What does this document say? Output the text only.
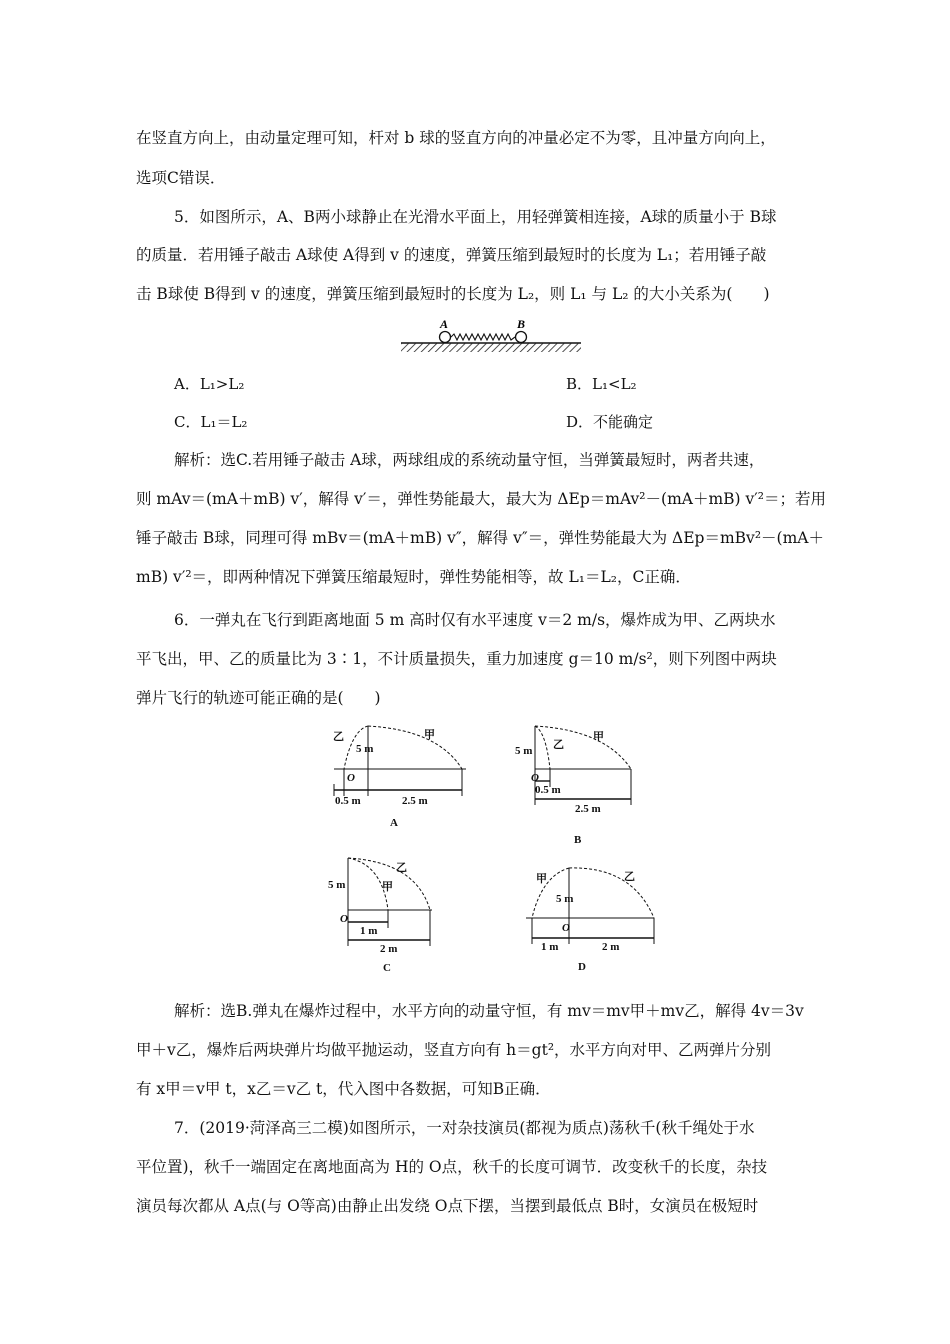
在竖直方向上，由动量定理可知，杆对 b 球的竖直方向的冲量必定不为零，且冲量方向向上，
选项C错误．
5．如图所示，A、B两小球静止在光滑水平面上，用轻弹簧相连接，A球的质量小于 B球
的质量．若用锤子敲击 A球使 A得到 v 的速度，弹簧压缩到最短时的长度为 L₁；若用锤子敲
击 B球使 B得到 v 的速度，弹簧压缩到最短时的长度为 L₂，则 L₁ 与 L₂ 的大小关系为(　　)
A	B
A．L₁>L₂	B．L₁<L₂
C．L₁＝L₂	D．不能确定
解析：选C.若用锤子敲击 A球，两球组成的系统动量守恒，当弹簧最短时，两者共速，
则 mAv＝(mA＋mB) v′，解得 v′＝，弹性势能最大，最大为 ΔEp＝mAv²－(mA＋mB) v′²＝；若用
锤子敲击 B球，同理可得 mBv＝(mA＋mB) v″，解得 v″＝，弹性势能最大为 ΔEp＝mBv²－(mA＋
mB) v′²＝，即两种情况下弹簧压缩最短时，弹性势能相等，故 L₁＝L₂，C正确．
6．一弹丸在飞行到距离地面 5 m 高时仅有水平速度 v＝2 m/s，爆炸成为甲、乙两块水
平飞出，甲、乙的质量比为 3∶1，不计质量损失，重力加速度 g＝10 m/s²，则下列图中两块
弹片飞行的轨迹可能正确的是(　　)
乙	甲
5 m
O
0.5 m	2.5 m
A
5 m 乙
甲
O
0.5 m
2.5 m
B
乙
甲
5 m
O
1 m
2 m
C
甲	乙
5 m
O
1 m	2 m
D
解析：选B.弹丸在爆炸过程中，水平方向的动量守恒，有 mv＝mv甲＋mv乙，解得 4v＝3v
甲＋v乙，爆炸后两块弹片均做平抛运动，竖直方向有 h＝gt²，水平方向对甲、乙两弹片分别
有 x甲＝v甲 t，x乙＝v乙 t，代入图中各数据，可知B正确．
7．(2019·菏泽高三二模)如图所示，一对杂技演员(都视为质点)荡秋千(秋千绳处于水
平位置)，秋千一端固定在离地面高为 H的 O点，秋千的长度可调节．改变秋千的长度，杂技
演员每次都从 A点(与 O等高)由静止出发绕 O点下摆，当摆到最低点 B时，女演员在极短时
